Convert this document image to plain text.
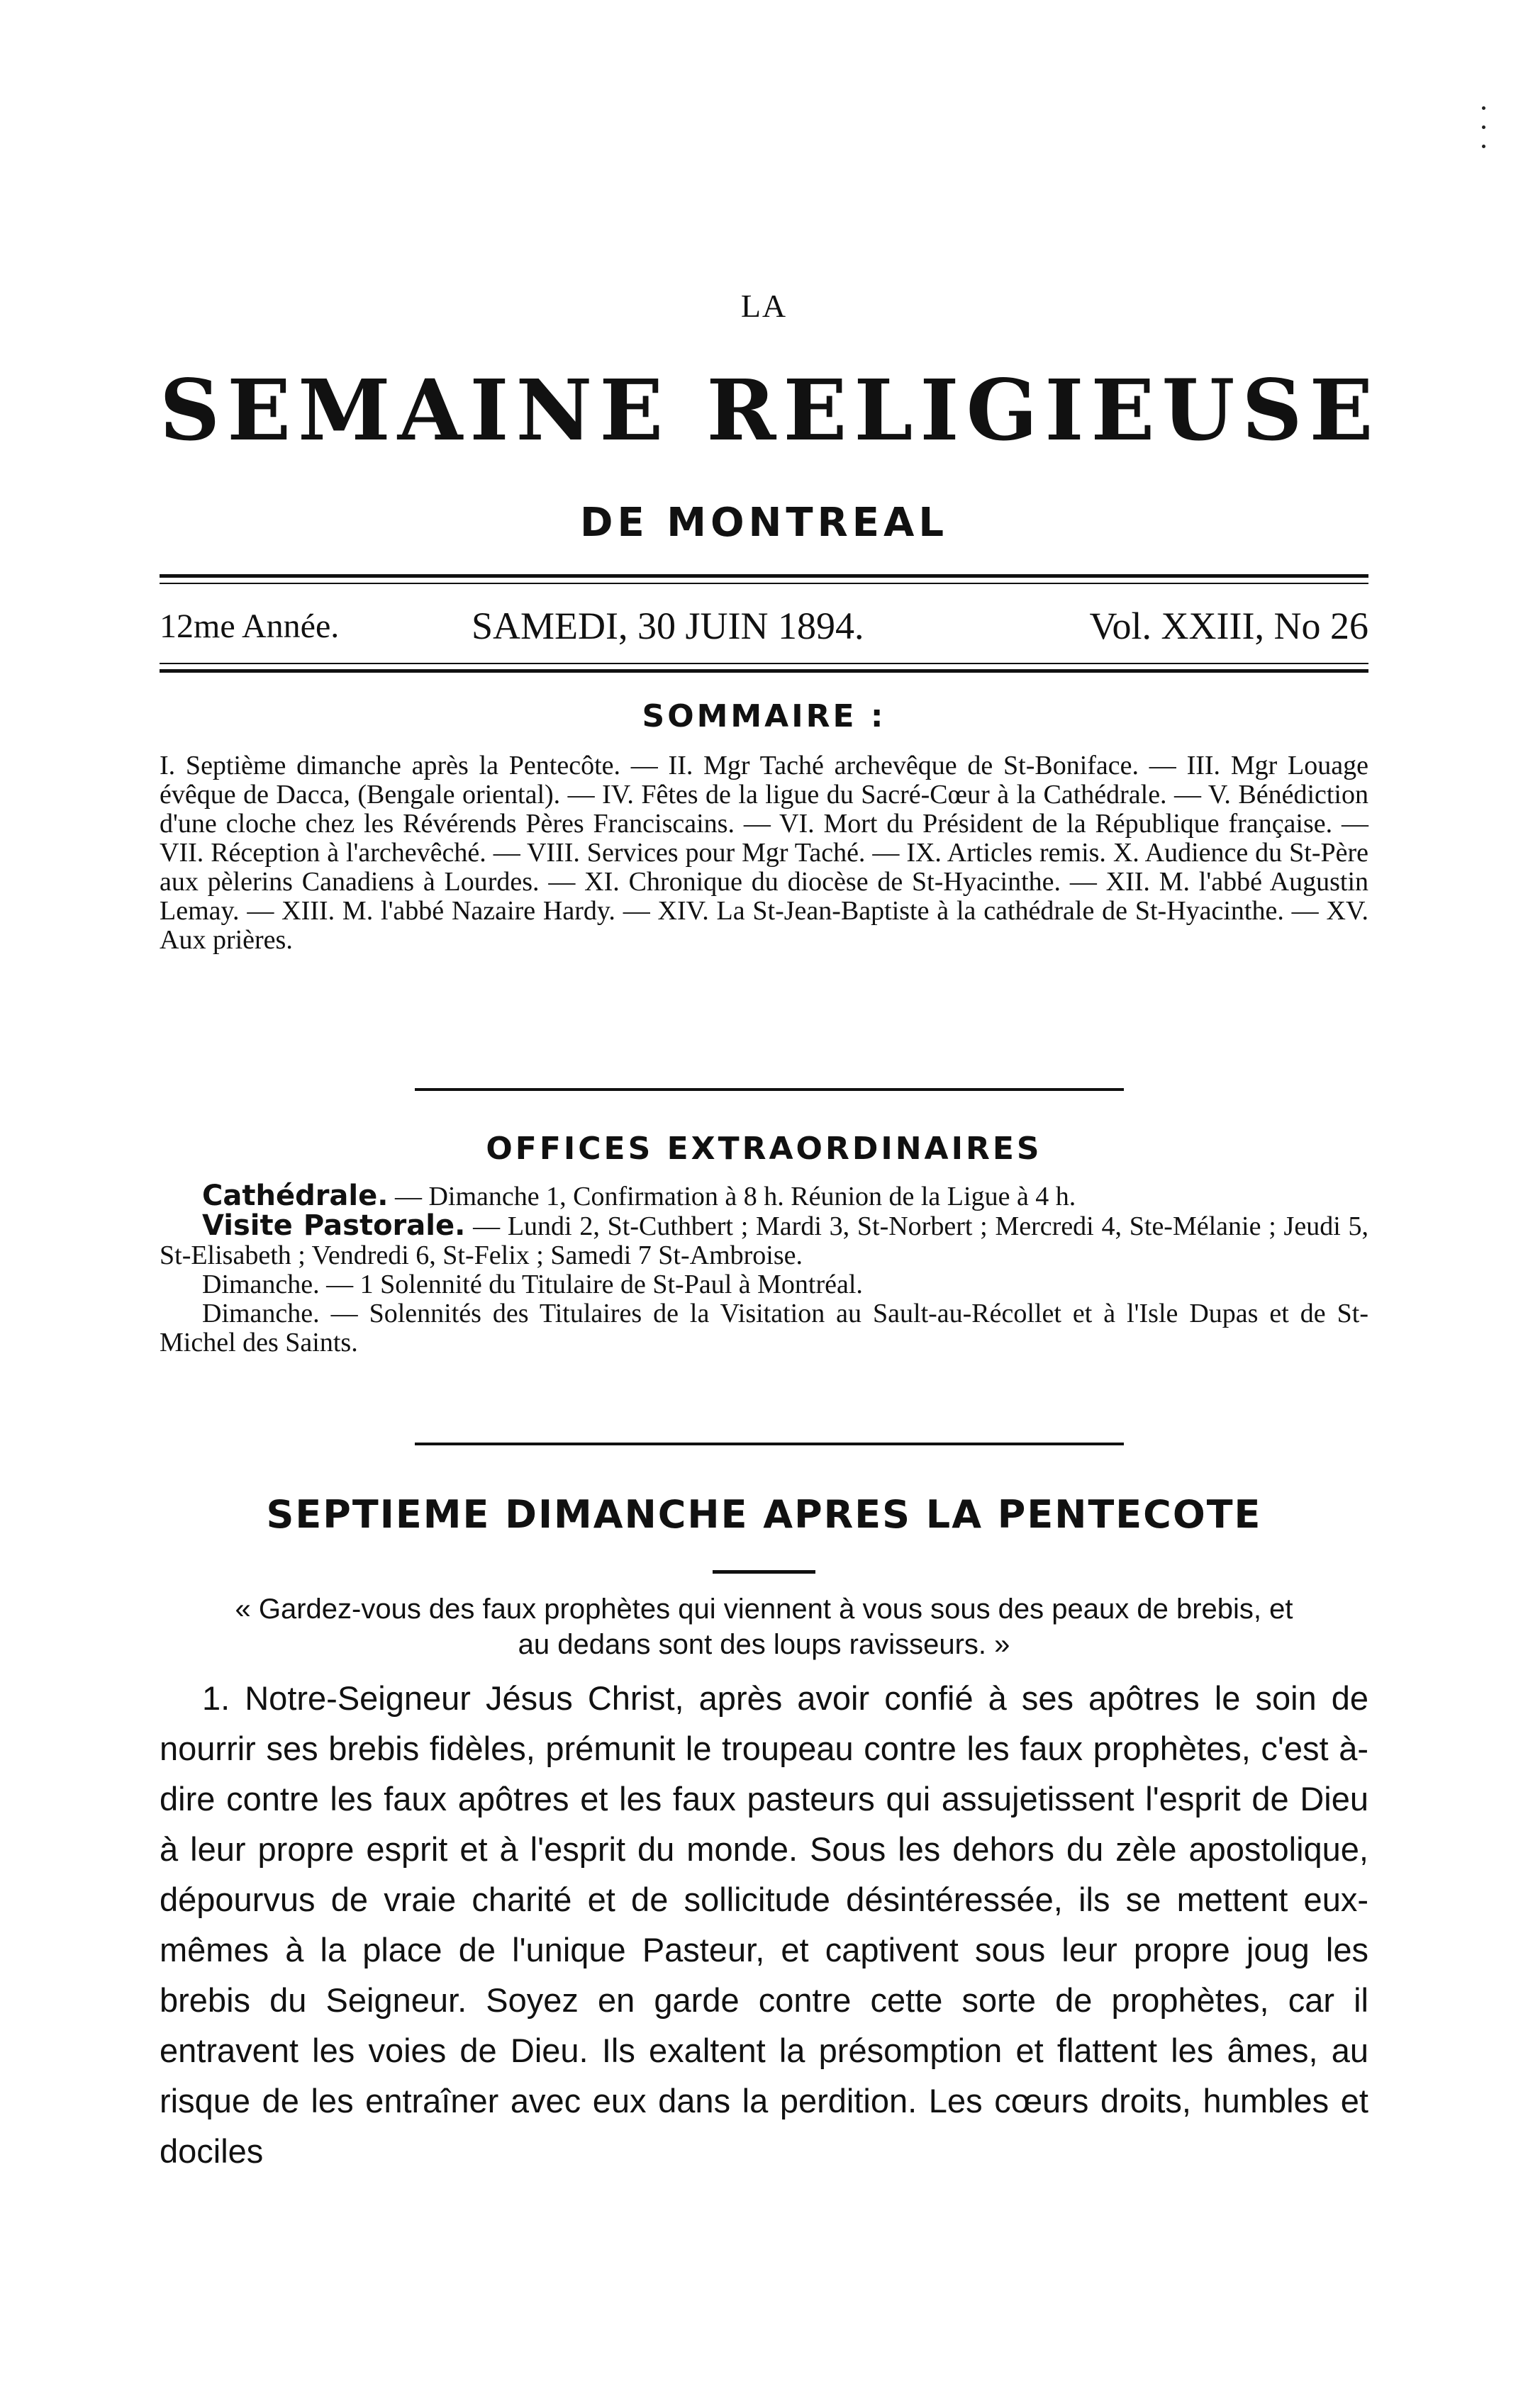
LA
SEMAINE RELIGIEUSE
DE MONTREAL
12me Année.	SAMEDI, 30 JUIN 1894.	Vol. XXIII, No 26
SOMMAIRE :
I. Septième dimanche après la Pentecôte. — II. Mgr Taché archevêque de St-Boniface. — III. Mgr Louage évêque de Dacca, (Bengale oriental). — IV. Fêtes de la ligue du Sacré-Cœur à la Cathédrale. — V. Bénédiction d'une cloche chez les Révérends Pères Franciscains. — VI. Mort du Président de la République française. — VII. Réception à l'archevêché. — VIII. Services pour Mgr Taché. — IX. Articles remis. X. Audience du St-Père aux pèlerins Canadiens à Lourdes. — XI. Chronique du diocèse de St-Hyacinthe. — XII. M. l'abbé Augustin Lemay. — XIII. M. l'abbé Nazaire Hardy. — XIV. La St-Jean-Baptiste à la cathédrale de St-Hyacinthe. — XV. Aux prières.
OFFICES EXTRAORDINAIRES

Cathédrale. — Dimanche 1, Confirmation à 8 h. Réunion de la Ligue à 4 h.

Visite Pastorale. — Lundi 2, St-Cuthbert ; Mardi 3, St-Norbert ; Mercredi 4, Ste-Mélanie ; Jeudi 5, St-Elisabeth ; Vendredi 6, St-Felix ; Samedi 7 St-Ambroise.

Dimanche. — 1 Solennité du Titulaire de St-Paul à Montréal.

Dimanche. — Solennités des Titulaires de la Visitation au Sault-au-Récollet et à l'Isle Dupas et de St-Michel des Saints.

SEPTIEME DIMANCHE APRES LA PENTECOTE
« Gardez-vous des faux prophètes qui viennent à vous sous des peaux de brebis, et au dedans sont des loups ravisseurs. »

1. Notre-Seigneur Jésus Christ, après avoir confié à ses apôtres le soin de nourrir ses brebis fidèles, prémunit le troupeau contre les faux prophètes, c'est à-dire contre les faux apôtres et les faux pasteurs qui assujetissent l'esprit de Dieu à leur propre esprit et à l'esprit du monde. Sous les dehors du zèle apostolique, dépourvus de vraie charité et de sollicitude désintéressée, ils se mettent eux-mêmes à la place de l'unique Pasteur, et captivent sous leur propre joug les brebis du Seigneur. Soyez en garde contre cette sorte de prophètes, car il entravent les voies de Dieu. Ils exaltent la présomption et flattent les âmes, au risque de les entraîner avec eux dans la perdition. Les cœurs droits, humbles et dociles
